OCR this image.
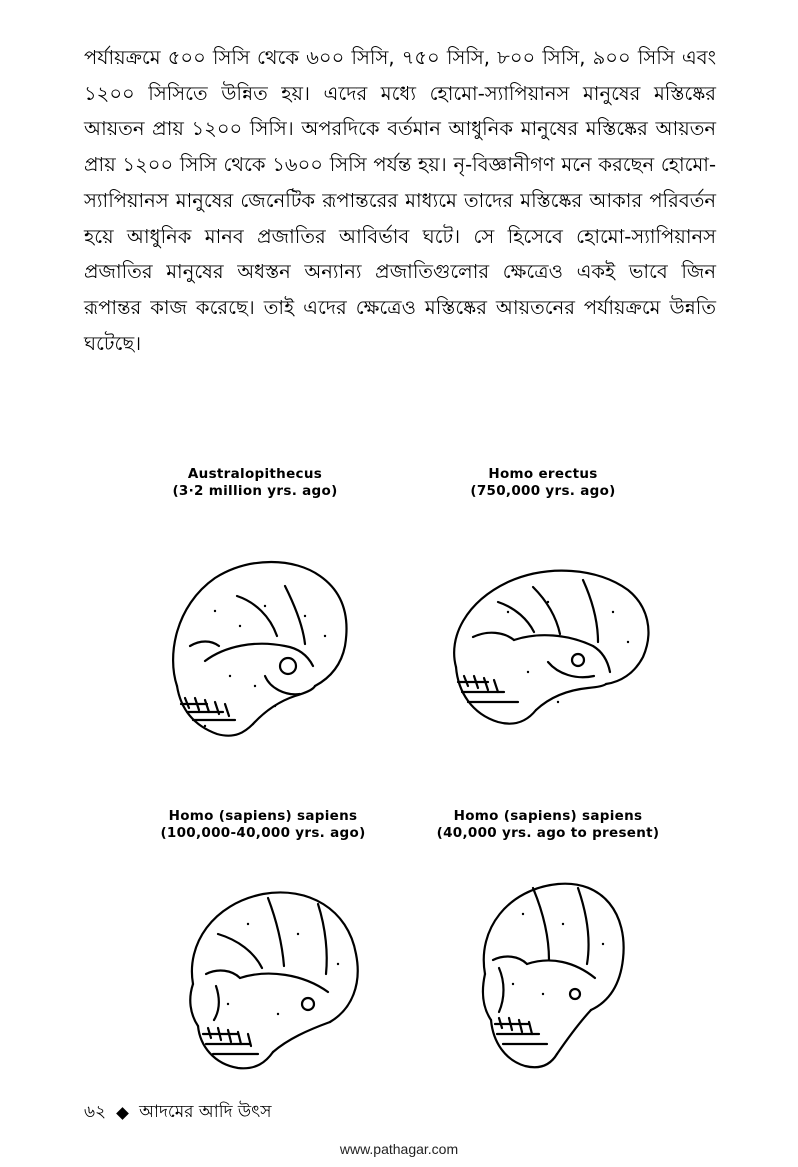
পর্যায়ক্রমে ৫০০ সিসি থেকে ৬০০ সিসি, ৭৫০ সিসি, ৮০০ সিসি, ৯০০ সিসি এবং ১২০০ সিসিতে উন্নিত হয়। এদের মধ্যে হোমো-স্যাপিয়ানস মানুষের মস্তিষ্কের আয়তন প্রায় ১২০০ সিসি। অপরদিকে বর্তমান আধুনিক মানুষের মস্তিষ্কের আয়তন প্রায় ১২০০ সিসি থেকে ১৬০০ সিসি পর্যন্ত হয়। নৃ-বিজ্ঞানীগণ মনে করছেন হোমো-স্যাপিয়ানস মানুষের জেনেটিক রূপান্তরের মাধ্যমে তাদের মস্তিষ্কের আকার পরিবর্তন হয়ে আধুনিক মানব প্রজাতির আবির্ভাব ঘটে। সে হিসেবে হোমো-স্যাপিয়ানস প্রজাতির মানুষের অধস্তন অন্যান্য প্রজাতিগুলোর ক্ষেত্রেও একই ভাবে জিন রূপান্তর কাজ করেছে। তাই এদের ক্ষেত্রেও মস্তিষ্কের আয়তনের পর্যায়ক্রমে উন্নতি ঘটেছে।

Australopithecus
(3·2 million yrs. ago)
Homo erectus
(750,000 yrs. ago)
Homo (sapiens) sapiens
(100,000-40,000 yrs. ago)
Homo (sapiens) sapiens
(40,000 yrs. ago to present)
৬২ আদমের আদি উৎস
www.pathagar.com
